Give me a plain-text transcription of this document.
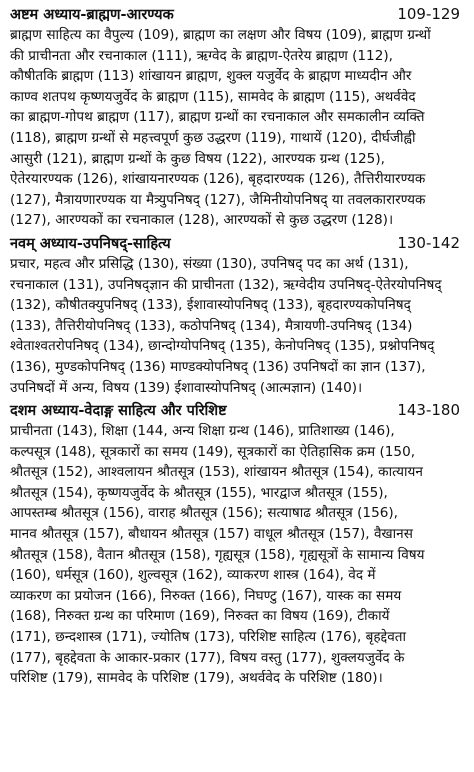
अष्टम अध्याय-ब्राह्मण-आरण्यक	109-129
ब्राह्मण साहित्य का वैपुल्य (109), ब्राह्मण का लक्षण और विषय (109), ब्राह्मण ग्रन्थों
की प्राचीनता और रचनाकाल (111), ऋग्वेद के ब्राह्मण-ऐतरेय ब्राह्मण (112),
कौषीतकि ब्राह्मण (113) शांखायन ब्राह्मण, शुक्ल यजुर्वेद के ब्राह्मण माध्यदीन और
काण्व शतपथ कृष्णयजुर्वेद के ब्राह्मण (115), सामवेद के ब्राह्मण (115), अथर्ववेद
का ब्राह्मण-गोपथ ब्राह्मण (117), ब्राह्मण ग्रन्थों का रचनाकाल और समकालीन व्यक्ति
(118), ब्राह्मण ग्रन्थों से महत्त्वपूर्ण कुछ उद्धरण (119), गाथायें (120), दीर्घजीह्वी
आसुरी (121), ब्राह्मण ग्रन्थों के कुछ विषय (122), आरण्यक ग्रन्थ (125),
ऐतेरयारण्यक (126), शांखायनारण्यक (126), बृहदारण्यक (126), तैत्तिरीयारण्यक
(127), मैत्रायणारण्यक या मैत्र्युपनिषद् (127), जैमिनीयोपनिषद् या तवलकारारण्यक
(127), आरण्यकों का रचनाकाल (128), आरण्यकों से कुछ उद्धरण (128)।
नवम् अध्याय-उपनिषद्-साहित्य	130-142
प्रचार, महत्व और प्रसिद्धि (130), संख्या (130), उपनिषद् पद का अर्थ (131),
रचनाकाल (131), उपनिषद्ज्ञान की प्राचीनता (132), ऋग्वेदीय उपनिषद्-ऐतेरयोपनिषद्
(132), कौषीतक्युपनिषद् (133), ईशावास्योपनिषद् (133), बृहदारण्यकोपनिषद्
(133), तैत्तिरीयोपनिषद् (133), कठोपनिषद् (134), मैत्रायणी-उपनिषद् (134)
श्वेताश्वतरोपनिषद् (134), छान्दोग्योपनिषद् (135), केनोपनिषद् (135), प्रश्नोपनिषद्
(136), मुण्डकोपनिषद् (136) माण्डक्योपनिषद् (136) उपनिषदों का ज्ञान (137),
उपनिषदों में अन्य, विषय (139) ईशावास्योपनिषद् (आत्मज्ञान) (140)।
दशम अध्याय-वेदाङ्ग साहित्य और परिशिष्ट	143-180
प्राचीनता (143), शिक्षा (144, अन्य शिक्षा ग्रन्थ (146), प्रातिशाख्य (146),
कल्पसूत्र (148), सूत्रकारों का समय (149), सूत्रकारों का ऐतिहासिक क्रम (150,
श्रौतसूत्र (152), आश्वलायन श्रौतसूत्र (153), शांखायन श्रौतसूत्र (154), कात्यायन
श्रौतसूत्र (154), कृष्णयजुर्वेद के श्रौतसूत्र (155), भारद्वाज श्रौतसूत्र (155),
आपस्तम्ब श्रौतसूत्र (156), वाराह श्रौतसूत्र (156); सत्याषाढ श्रौतसूत्र (156),
मानव श्रौतसूत्र (157), बौधायन श्रौतसूत्र (157) वाधूल श्रौतसूत्र (157), वैखानस
श्रौतसूत्र (158), वैतान श्रौतसूत्र (158), गृह्यसूत्र (158), गृह्यसूत्रों के सामान्य विषय
(160), धर्मसूत्र (160), शुल्वसूत्र (162), व्याकरण शास्त्र (164), वेद में
व्याकरण का प्रयोजन (166), निरुक्त (166), निघण्टु (167), यास्क का समय
(168), निरुक्त ग्रन्थ का परिमाण (169), निरुक्त का विषय (169), टीकायें
(171), छन्दशास्त्र (171), ज्योतिष (173), परिशिष्ट साहित्य (176), बृहद्देवता
(177), बृहद्देवता के आकार-प्रकार (177), विषय वस्तु (177), शुक्लयजुर्वेद के
परिशिष्ट (179), सामवेद के परिशिष्ट (179), अथर्ववेद के परिशिष्ट (180)।
